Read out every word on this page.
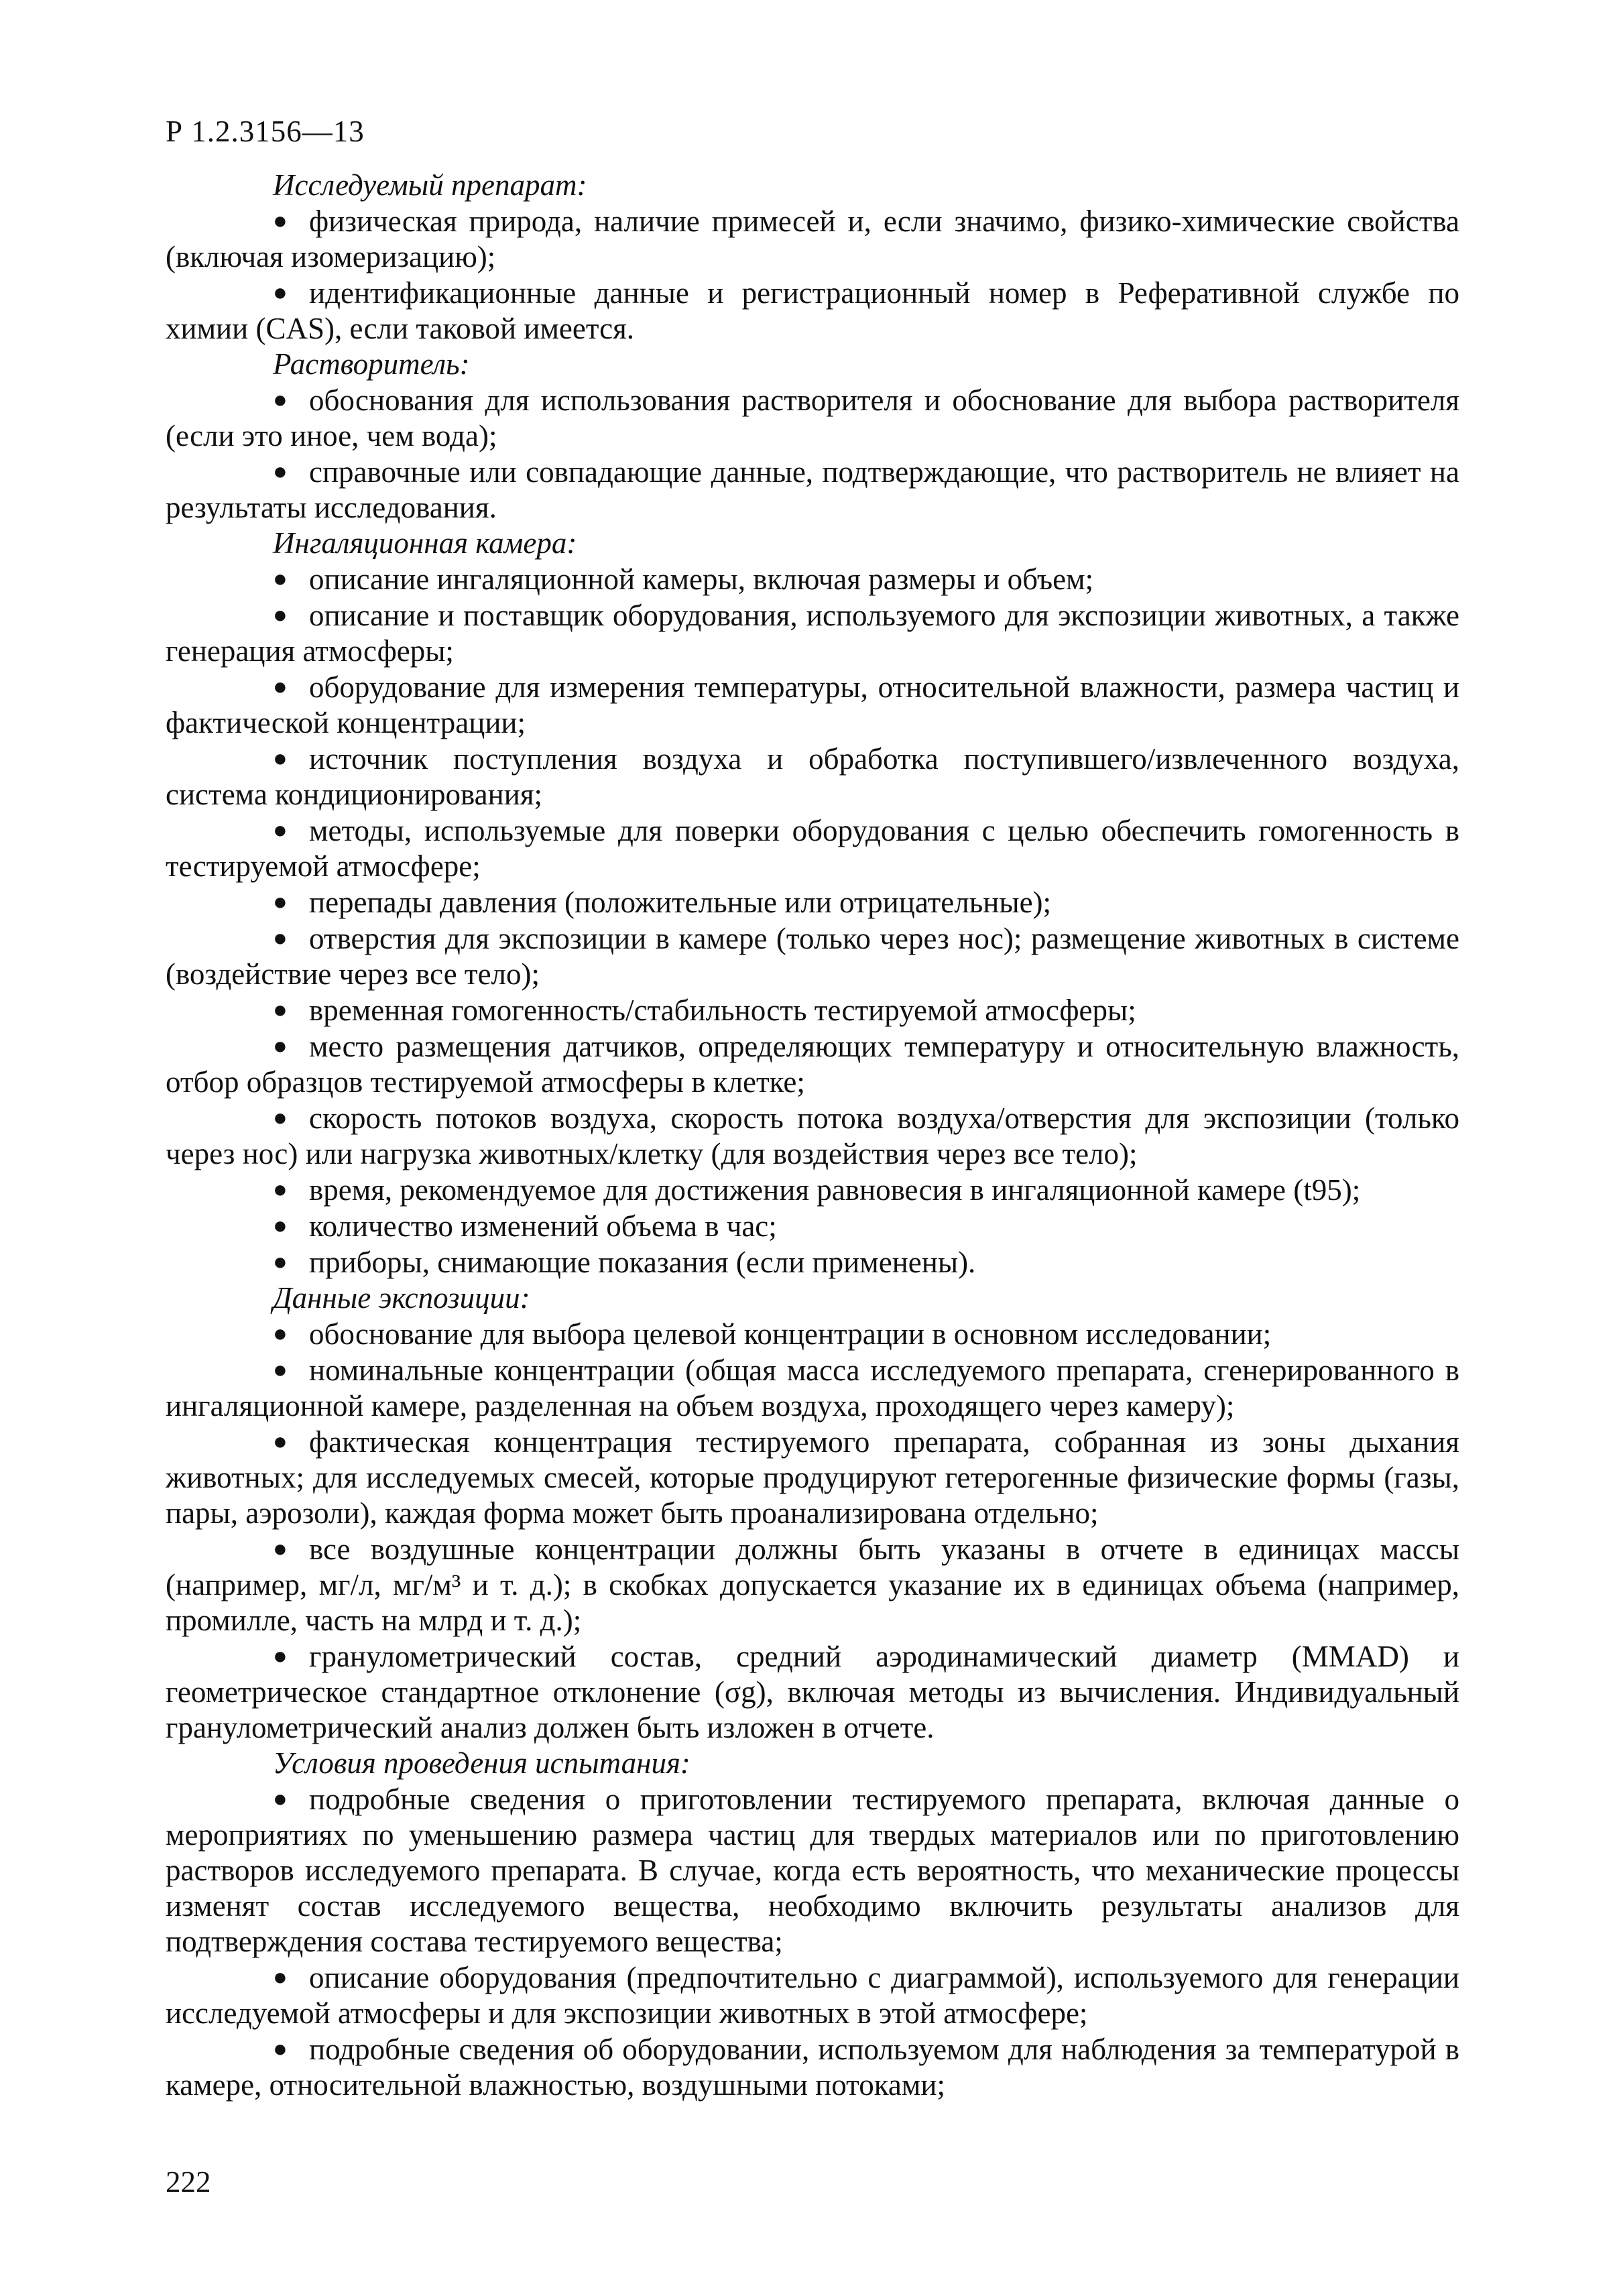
Р 1.2.3156—13
Исследуемый препарат:
● физическая природа, наличие примесей и, если значимо, физико-химические свойства (включая изомеризацию);
● идентификационные данные и регистрационный номер в Реферативной службе по химии (CAS), если таковой имеется.
Растворитель:
● обоснования для использования растворителя и обоснование для выбора растворителя (если это иное, чем вода);
● справочные или совпадающие данные, подтверждающие, что растворитель не влияет на результаты исследования.
Ингаляционная камера:
● описание ингаляционной камеры, включая размеры и объем;
● описание и поставщик оборудования, используемого для экспозиции животных, а также генерация атмосферы;
● оборудование для измерения температуры, относительной влажности, размера частиц и фактической концентрации;
● источник поступления воздуха и обработка поступившего/извлеченного воздуха, система кондиционирования;
● методы, используемые для поверки оборудования с целью обеспечить гомогенность в тестируемой атмосфере;
● перепады давления (положительные или отрицательные);
● отверстия для экспозиции в камере (только через нос); размещение животных в системе (воздействие через все тело);
● временная гомогенность/стабильность тестируемой атмосферы;
● место размещения датчиков, определяющих температуру и относительную влажность, отбор образцов тестируемой атмосферы в клетке;
● скорость потоков воздуха, скорость потока воздуха/отверстия для экспозиции (только через нос) или нагрузка животных/клетку (для воздействия через все тело);
● время, рекомендуемое для достижения равновесия в ингаляционной камере (t95);
● количество изменений объема в час;
● приборы, снимающие показания (если применены).
Данные экспозиции:
● обоснование для выбора целевой концентрации в основном исследовании;
● номинальные концентрации (общая масса исследуемого препарата, сгенерированного в ингаляционной камере, разделенная на объем воздуха, проходящего через камеру);
● фактическая концентрация тестируемого препарата, собранная из зоны дыхания животных; для исследуемых смесей, которые продуцируют гетерогенные физические формы (газы, пары, аэрозоли), каждая форма может быть проанализирована отдельно;
● все воздушные концентрации должны быть указаны в отчете в единицах массы (например, мг/л, мг/м³ и т. д.); в скобках допускается указание их в единицах объема (например, промилле, часть на млрд и т. д.);
● гранулометрический состав, средний аэродинамический диаметр (MMAD) и геометрическое стандартное отклонение (σg), включая методы из вычисления. Индивидуальный гранулометрический анализ должен быть изложен в отчете.
Условия проведения испытания:
● подробные сведения о приготовлении тестируемого препарата, включая данные о мероприятиях по уменьшению размера частиц для твердых материалов или по приготовлению растворов исследуемого препарата. В случае, когда есть вероятность, что механические процессы изменят состав исследуемого вещества, необходимо включить результаты анализов для подтверждения состава тестируемого вещества;
● описание оборудования (предпочтительно с диаграммой), используемого для генерации исследуемой атмосферы и для экспозиции животных в этой атмосфере;
● подробные сведения об оборудовании, используемом для наблюдения за температурой в камере, относительной влажностью, воздушными потоками;
222
